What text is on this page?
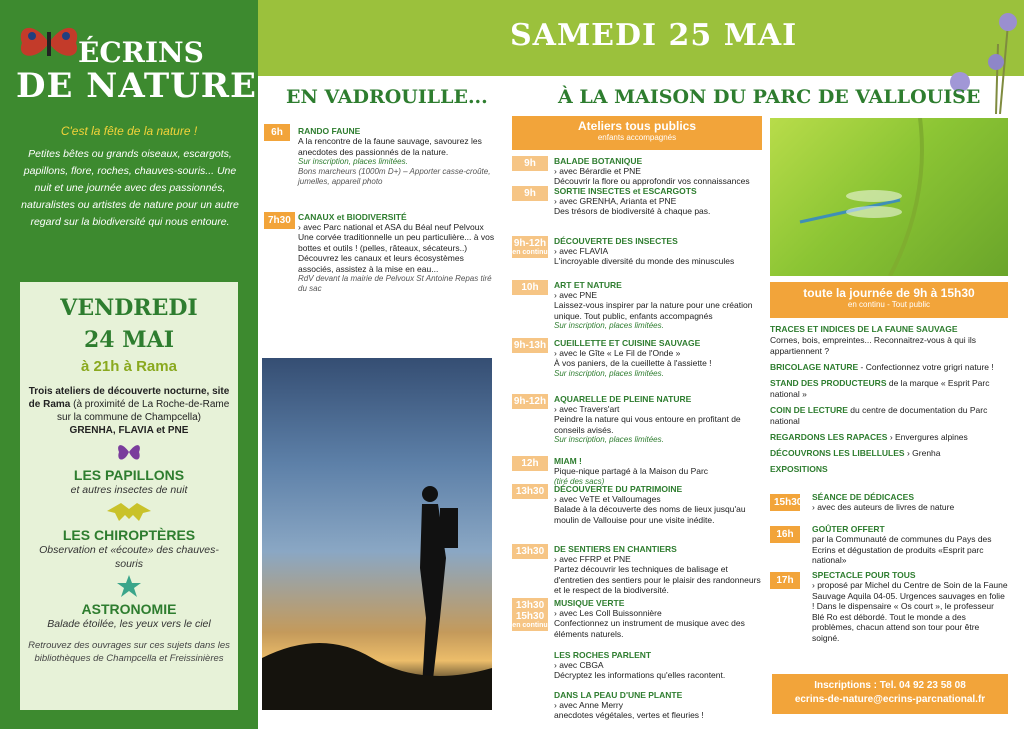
ÉCRINS
DE NATURE
C'est la fête de la nature !
Petites bêtes ou grands oiseaux, escargots, papillons, flore, roches, chauves-souris... Une nuit et une journée avec des passionnés, naturalistes ou artistes de nature pour un autre regard sur la biodiversité qui nous entoure.
VENDREDI
24 MAI
à 21h à Rama
Trois ateliers de découverte nocturne, site de Rama (à proximité de La Roche-de-Rame sur la commune de Champcella)
GRENHA, FLAVIA et PNE
LES PAPILLONS
et autres insectes de nuit
LES CHIROPTÈRES
Observation et «écoute» des chauves-souris
ASTRONOMIE
Balade étoilée, les yeux vers le ciel
Retrouvez des ouvrages sur ces sujets dans les bibliothèques de Champcella et Freissinières
SAMEDI 25 MAI
EN VADROUILLE...
6h RANDO FAUNE
A la rencontre de la faune sauvage, savourez les anecdotes des passionnés de la nature.
Sur inscription, places limitées.
Bons marcheurs (1000m D+) – Apporter casse-croûte, jumelles, appareil photo
7h30 CANAUX et BIODIVERSITÉ
› avec Parc national et ASA du Béal neuf Pelvoux
Une corvée traditionnelle un peu particulière... à vos bottes et outils ! (pelles, râteaux, sécateurs..) Découvrez les canaux et leurs écosystèmes associés, assistez à la mise en eau...
RdV devant la mairie de Pelvoux St Antoine Repas tiré du sac
À LA MAISON DU PARC DE VALLOUISE
Ateliers tous publics
enfants accompagnés
9h	BALADE BOTANIQUE
› avec Bérardie et PNE
Découvrir la flore ou approfondir vos connaissances
9h	SORTIE INSECTES et ESCARGOTS
› avec GRENHA, Arianta et PNE
Des trésors de biodiversité à chaque pas.
9h-12h
en continu
DÉCOUVERTE DES INSECTES
› avec FLAVIA
L'incroyable diversité du monde des minuscules
10h	ART ET NATURE
› avec PNE
Laissez-vous inspirer par la nature pour une création unique. Tout public, enfants accompagnés
Sur inscription, places limitées.
9h-13h CUEILLETTE ET CUISINE SAUVAGE
› avec le Gîte « Le Fil de l'Onde »
À vos paniers, de la cueillette à l'assiette !
Sur inscription, places limitées.
9h-12h AQUARELLE DE PLEINE NATURE
› avec Travers'art
Peindre la nature qui vous entoure en profitant de conseils avisés.
Sur inscription, places limitées.
12h	MIAM !
Pique-nique partagé à la Maison du Parc
(tiré des sacs)
13h30	DÉCOUVERTE DU PATRIMOINE
› avec VeTE et Valloumages
Balade à la découverte des noms de lieux jusqu'au moulin de Vallouise pour une visite inédite.
13h30	DE SENTIERS EN CHANTIERS
› avec FFRP et PNE
Partez découvrir les techniques de balisage et d'entretien des sentiers pour le plaisir des randonneurs et le respect de la biodiversité.
13h30 15h30
en continu
MUSIQUE VERTE
› avec Les Coll Buissonnière
Confectionnez un instrument de musique avec des éléments naturels.
LES ROCHES PARLENT
› avec CBGA
Décryptez les informations qu'elles racontent.
DANS LA PEAU D'UNE PLANTE
› avec Anne Merry
anecdotes végétales, vertes et fleuries !
toute la journée de 9h à 15h30
en continu - Tout public
TRACES ET INDICES DE LA FAUNE SAUVAGE
Cornes, bois, empreintes... Reconnaitrez-vous à qui ils appartiennent ?
BRICOLAGE NATURE - Confectionnez votre grigri nature !
STAND DES PRODUCTEURS de la marque « Esprit Parc national »
COIN DE LECTURE du centre de documentation du Parc national
REGARDONS LES RAPACES › Envergures alpines
DÉCOUVRONS LES LIBELLULES › Grenha
EXPOSITIONS
15h30 SÉANCE DE DÉDICACES
› avec des auteurs de livres de nature
16h GOÛTER OFFERT
par la Communauté de communes du Pays des Ecrins et dégustation de produits «Esprit parc national»
17h SPECTACLE POUR TOUS
› proposé par Michel du Centre de Soin de la Faune Sauvage Aquila 04-05. Urgences sauvages en folie ! Dans le dispensaire « Os court », le professeur Blé Ro est débordé. Tout le monde a des problèmes, chacun attend son tour pour être soigné.
Inscriptions : Tel. 04 92 23 58 08
ecrins-de-nature@ecrins-parcnational.fr
